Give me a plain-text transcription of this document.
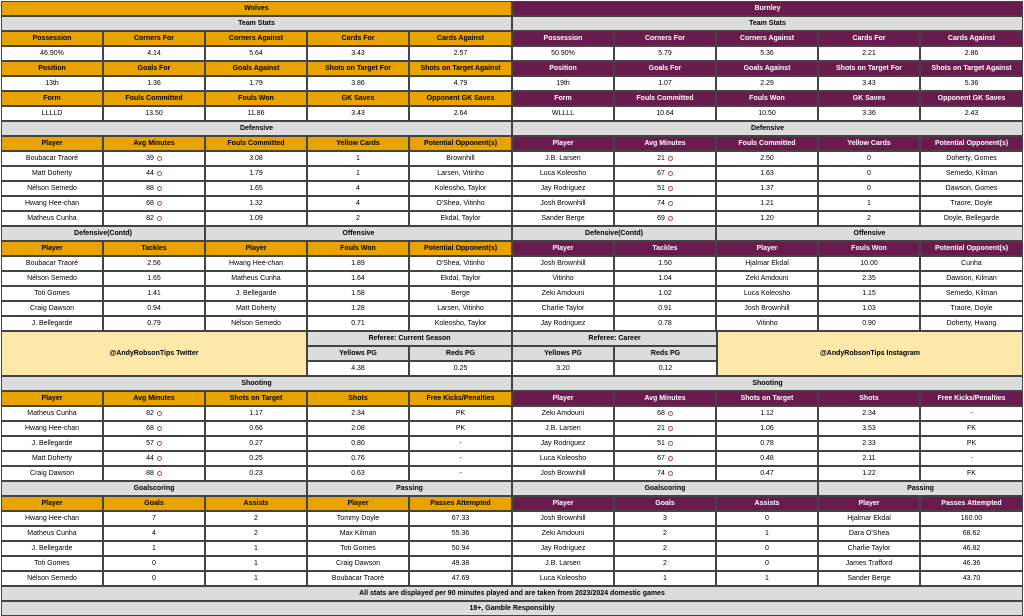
Wolves	Burnley
Team Stats	Team Stats
Possession	Corners For	Corners Against	Cards For	Cards Against	Possession	Corners For	Corners Against	Cards For	Cards Against
46.90%	4.14	5.64	3.43	2.57	50.90%	5.79	5.36	2.21	2.86
Position	Goals For	Goals Against	Shots on Target For	Shots on Target Against	Position	Goals For	Goals Against	Shots on Target For	Shots on Target Against
13th	1.36	1.79	3.86	4.79	19th	1.07	2.29	3.43	5.36
Form	Fouls Committed	Fouls Won	GK Saves	Opponent GK Saves	Form	Fouls Committed	Fouls Won	GK Saves	Opponent GK Saves
LLLLD	13.50	11.86	3.43	2.64	WLLLL	10.64	10.50	3.36	2.43
Defensive	Defensive
Player	Avg Minutes	Fouls Committed	Yellow Cards	Potential Opponent(s)	Player	Avg Minutes	Fouls Committed	Yellow Cards	Potential Opponent(s)
Boubacar Traoré	39	3.08	1	Brownhill	J.B. Larsen	21	2.50	0	Doherty, Gomes
Matt Doherty	44	1.79	1	Larsen, Vitinho	Luca Koleosho	67	1.63	0	Semedo, Kilman
Nélson Semedo	88	1.65	4	Koleosho, Taylor	Jay Rodriguez	51	1.37	0	Dawson, Gomes
Hwang Hee-chan	68	1.32	4	O'Shea, Vitinho	Josh Brownhill	74	1.21	1	Traore, Doyle
Matheus Cunha	82	1.09	2	Ekdal, Taylor	Sander Berge	69	1.20	2	Doyle, Bellegarde
Defensive(Contd)	Offensive	Defensive(Contd)	Offensive
Player	Tackles	Player	Fouls Won	Potential Opponent(s)	Player	Tackles	Player	Fouls Won	Potential Opponent(s)
Boubacar Traoré	2.56	Hwang Hee-chan	1.89	O'Shea, Vitinho	Josh Brownhill	1.50	Hjalmar Ekdal	10.00	Cunha
Nélson Semedo	1.65	Matheus Cunha	1.64	Ekdal, Taylor	Vitinho	1.04	Zeki Amdouni	2.35	Dawson, Kilman
Toti Gomes	1.41	J. Bellegarde	1.58	Berge	Zeki Amdouni	1.02	Luca Koleosho	1.15	Semedo, Kilman
Craig Dawson	0.94	Matt Doherty	1.28	Larsen, Vitinho	Charlie Taylor	0.91	Josh Brownhill	1.03	Traore, Doyle
J. Bellegarde	0.79	Nélson Semedo	0.71	Koleosho, Taylor	Jay Rodriguez	0.78	Vitinho	0.90	Doherty, Hwang
@AndyRobsonTips Twitter
Referee: Current Season	Referee: Career
Yellows PG	Reds PG	Yellows PG	Reds PG
4.38	0.25	3.20	0.12
@AndyRobsonTips Instagram
Shooting	Shooting
Player	Avg Minutes	Shots on Target	Shots	Free Kicks/Penalties	Player	Avg Minutes	Shots on Target	Shots	Free Kicks/Penalties
Matheus Cunha	82	1.17	2.34	PK	Zeki Amdouni	68	1.12	2.34	-
Hwang Hee-chan	68	0.66	2.08	PK	J.B. Larsen	21	1.06	3.53	FK
J. Bellegarde	57	0.27	0.80	-	Jay Rodriguez	51	0.78	2.33	PK
Matt Doherty	44	0.25	0.76	-	Luca Koleosho	67	0.48	2.11	-
Craig Dawson	88	0.23	0.63	-	Josh Brownhill	74	0.47	1.22	FK
Goalscoring	Passing	Goalscoring	Passing
Player	Goals	Assists	Player	Passes Attempted	Player	Goals	Assists	Player	Passes Attempted
Hwang Hee-chan	7	2	Tommy Doyle	67.33	Josh Brownhill	3	0	Hjalmar Ekdal	160.00
Matheus Cunha	4	2	Max Kilman	55.36	Zeki Amdouni	2	1	Dara O'Shea	68.62
J. Bellegarde	1	1	Toti Gomes	50.94	Jay Rodriguez	2	0	Charlie Taylor	46.82
Toti Gomes	0	1	Craig Dawson	49.38	J.B. Larsen	2	0	James Trafford	46.36
Nélson Semedo	0	1	Boubacar Traoré	47.69	Luca Koleosho	1	1	Sander Berge	43.70
All stats are displayed per 90 minutes played and are taken from 2023/2024 domestic games
18+, Gamble Responsibly
